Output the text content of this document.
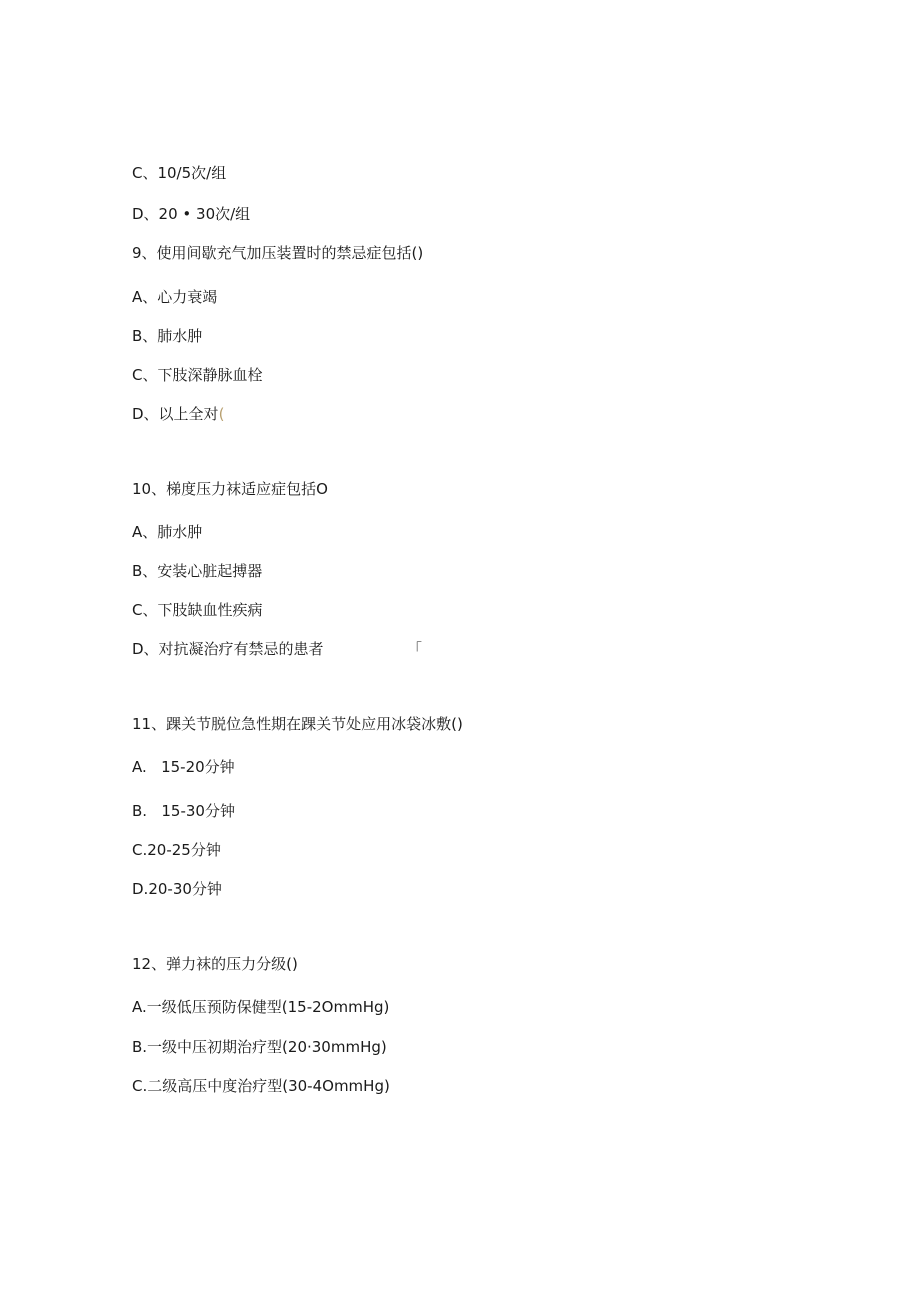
C、10/5次/组
D、20 • 30次/组
9、使用间歇充气加压装置时的禁忌症包括()
A、心力衰竭
B、肺水肿
C、下肢深静脉血栓
D、以上全对(
10、梯度压力袜适应症包括O
A、肺水肿
B、安装心脏起搏器
C、下肢缺血性疾病
D、对抗凝治疗有禁忌的患者	「
11、踝关节脱位急性期在踝关节处应用冰袋冰敷()
A.   15-20分钟
B.   15-30分钟
C.20-25分钟
D.20-30分钟
12、弹力袜的压力分级()
A.一级低压预防保健型(15-2OmmHg)
B.一级中压初期治疗型(20·30mmHg)
C.二级高压中度治疗型(30-4OmmHg)
